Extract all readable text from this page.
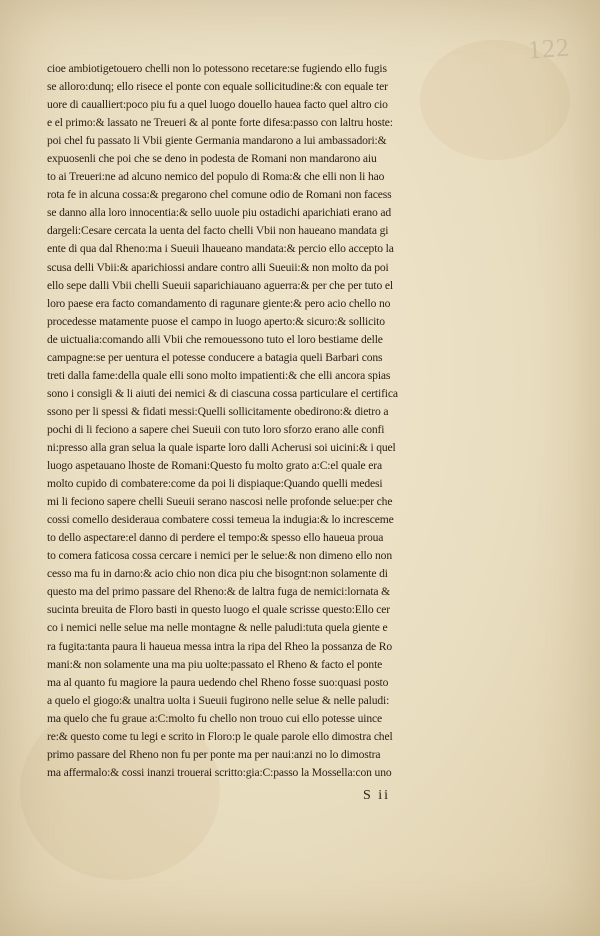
122
cioe ambiotigetouero chelli non lo potessono recetare:se fugiendo ello fugis
se alloro:dunq; ello risece el ponte con equale sollicitudine:& con equale ter
uore di caualliert:poco piu fu a quel luogo douello hauea facto quel altro cio
e el primo:& lassato ne Treueri & al ponte forte difesa:passo con laltru hoste:
poi chel fu passato li Vbii giente Germania mandarono a lui ambassadori:&
expuosenli che poi che se deno in podesta de Romani non mandarono aiu
to ai Treueri:ne ad alcuno nemico del populo di Roma:& che elli non li hao
rota fe in alcuna cossa:& pregarono chel comune odio de Romani non facess
se danno alla loro innocentia:& sello uuole piu ostadichi aparichiati erano ad
dargeli:Cesare cercata la uenta del facto chelli Vbii non haueano mandata gi
ente di qua dal Rheno:ma i Sueuii lhaueano mandata:& percio ello accepto la
scusa delli Vbii:& aparichiossi andare contro alli Sueuii:& non molto da poi
ello sepe dalli Vbii chelli Sueuii saparichiauano aguerra:& per che per tuto el
loro paese era facto comandamento di ragunare giente:& pero acio chello no
procedesse matamente puose el campo in luogo aperto:& sicuro:& sollicito
de uictualia:comando alli Vbii che remouessono tuto el loro bestiame delle
campagne:se per uentura el potesse conducere a batagia queli Barbari cons
treti dalla fame:della quale elli sono molto impatienti:& che elli ancora spias
sono i consigli & li aiuti dei nemici & di ciascuna cossa particulare el certifica
ssono per li spessi & fidati messi:Quelli sollicitamente obedirono:& dietro a
pochi di li feciono a sapere chei Sueuii con tuto loro sforzo erano alle confi
ni:presso alla gran selua la quale isparte loro dalli Acherusi soi uicini:& i quel
luogo aspetauano lhoste de Romani:Questo fu molto grato a:C:el quale era
molto cupido di combatere:come da poi li dispiaque:Quando quelli medesi
mi li feciono sapere chelli Sueuii serano nascosi nelle profonde selue:per che
cossi comello desideraua combatere cossi temeua la indugia:& lo incresceme
to dello aspectare:el danno di perdere el tempo:& spesso ello haueua proua
to comera faticosa cossa cercare i nemici per le selue:& non dimeno ello non
cesso ma fu in darno:& acio chio non dica piu che bisognt:non solamente di
questo ma del primo passare del Rheno:& de laltra fuga de nemici:lornata &
sucinta breuita de Floro basti in questo luogo el quale scrisse questo:Ello cer
co i nemici nelle selue ma nelle montagne & nelle paludi:tuta quela giente e
ra fugita:tanta paura li haueua messa intra la ripa del Rheo la possanza de Ro
mani:& non solamente una ma piu uolte:passato el Rheno & facto el ponte
ma al quanto fu magiore la paura uedendo chel Rheno fosse suo:quasi posto
a quelo el giogo:& unaltra uolta i Sueuii fugirono nelle selue & nelle paludi:
ma quelo che fu graue a:C:molto fu chello non trouo cui ello potesse uince
re:& questo come tu legi e scrito in Floro:p le quale parole ello dimostra chel
primo passare del Rheno non fu per ponte ma per naui:anzi no lo dimostra
ma affermalo:& cossi inanzi trouerai scritto:gia:C:passo la Mossella:con uno
S ii
